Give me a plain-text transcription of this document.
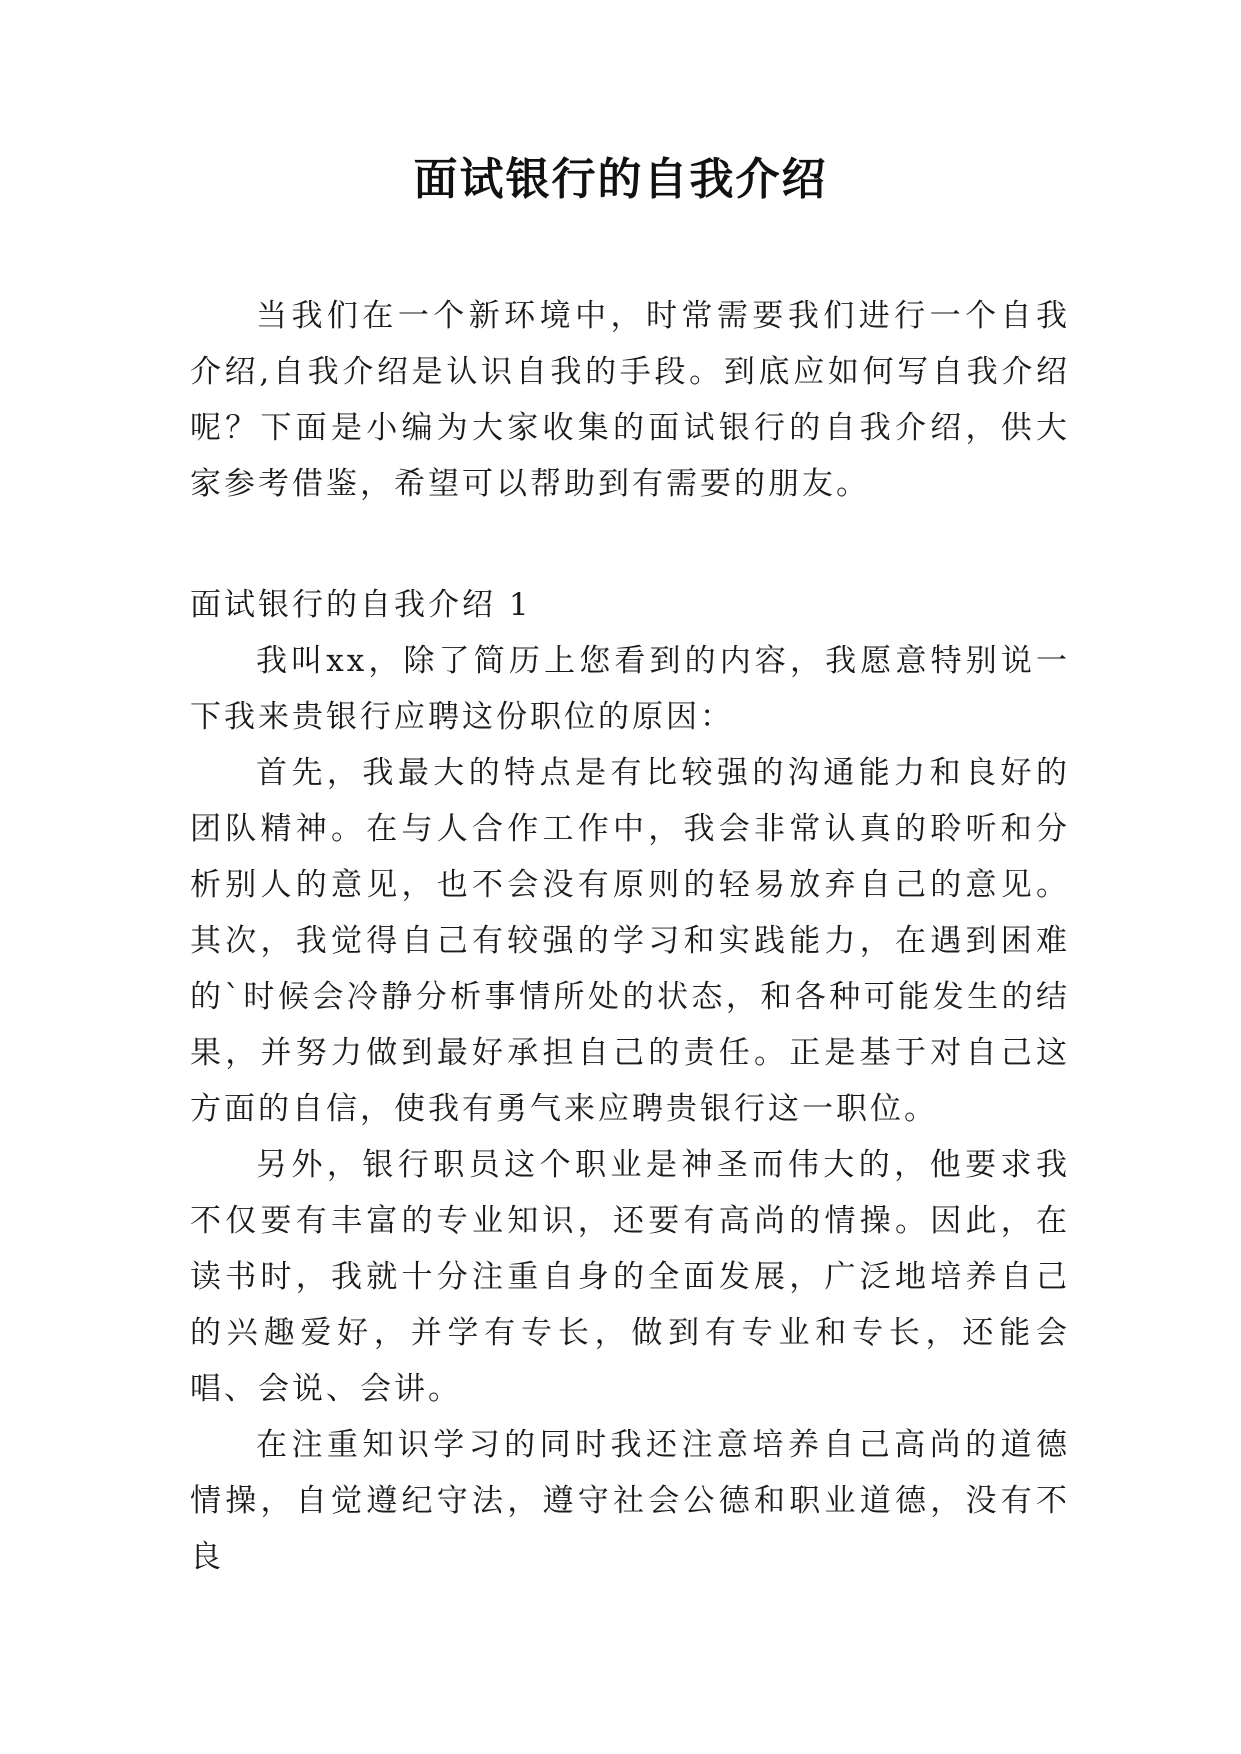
面试银行的自我介绍

当我们在一个新环境中，时常需要我们进行一个自我介绍,自我介绍是认识自我的手段。到底应如何写自我介绍呢？下面是小编为大家收集的面试银行的自我介绍，供大家参考借鉴，希望可以帮助到有需要的朋友。

面试银行的自我介绍 1

我叫xx，除了简历上您看到的内容，我愿意特别说一下我来贵银行应聘这份职位的原因：

首先，我最大的特点是有比较强的沟通能力和良好的团队精神。在与人合作工作中，我会非常认真的聆听和分析别人的意见，也不会没有原则的轻易放弃自己的意见。其次，我觉得自己有较强的学习和实践能力，在遇到困难的`时候会冷静分析事情所处的状态，和各种可能发生的结果，并努力做到最好承担自己的责任。正是基于对自己这方面的自信，使我有勇气来应聘贵银行这一职位。

另外，银行职员这个职业是神圣而伟大的，他要求我不仅要有丰富的专业知识，还要有高尚的情操。因此，在读书时，我就十分注重自身的全面发展，广泛地培养自己的兴趣爱好，并学有专长，做到有专业和专长，还能会唱、会说、会讲。

在注重知识学习的同时我还注意培养自己高尚的道德情操，自觉遵纪守法，遵守社会公德和职业道德，没有不良
